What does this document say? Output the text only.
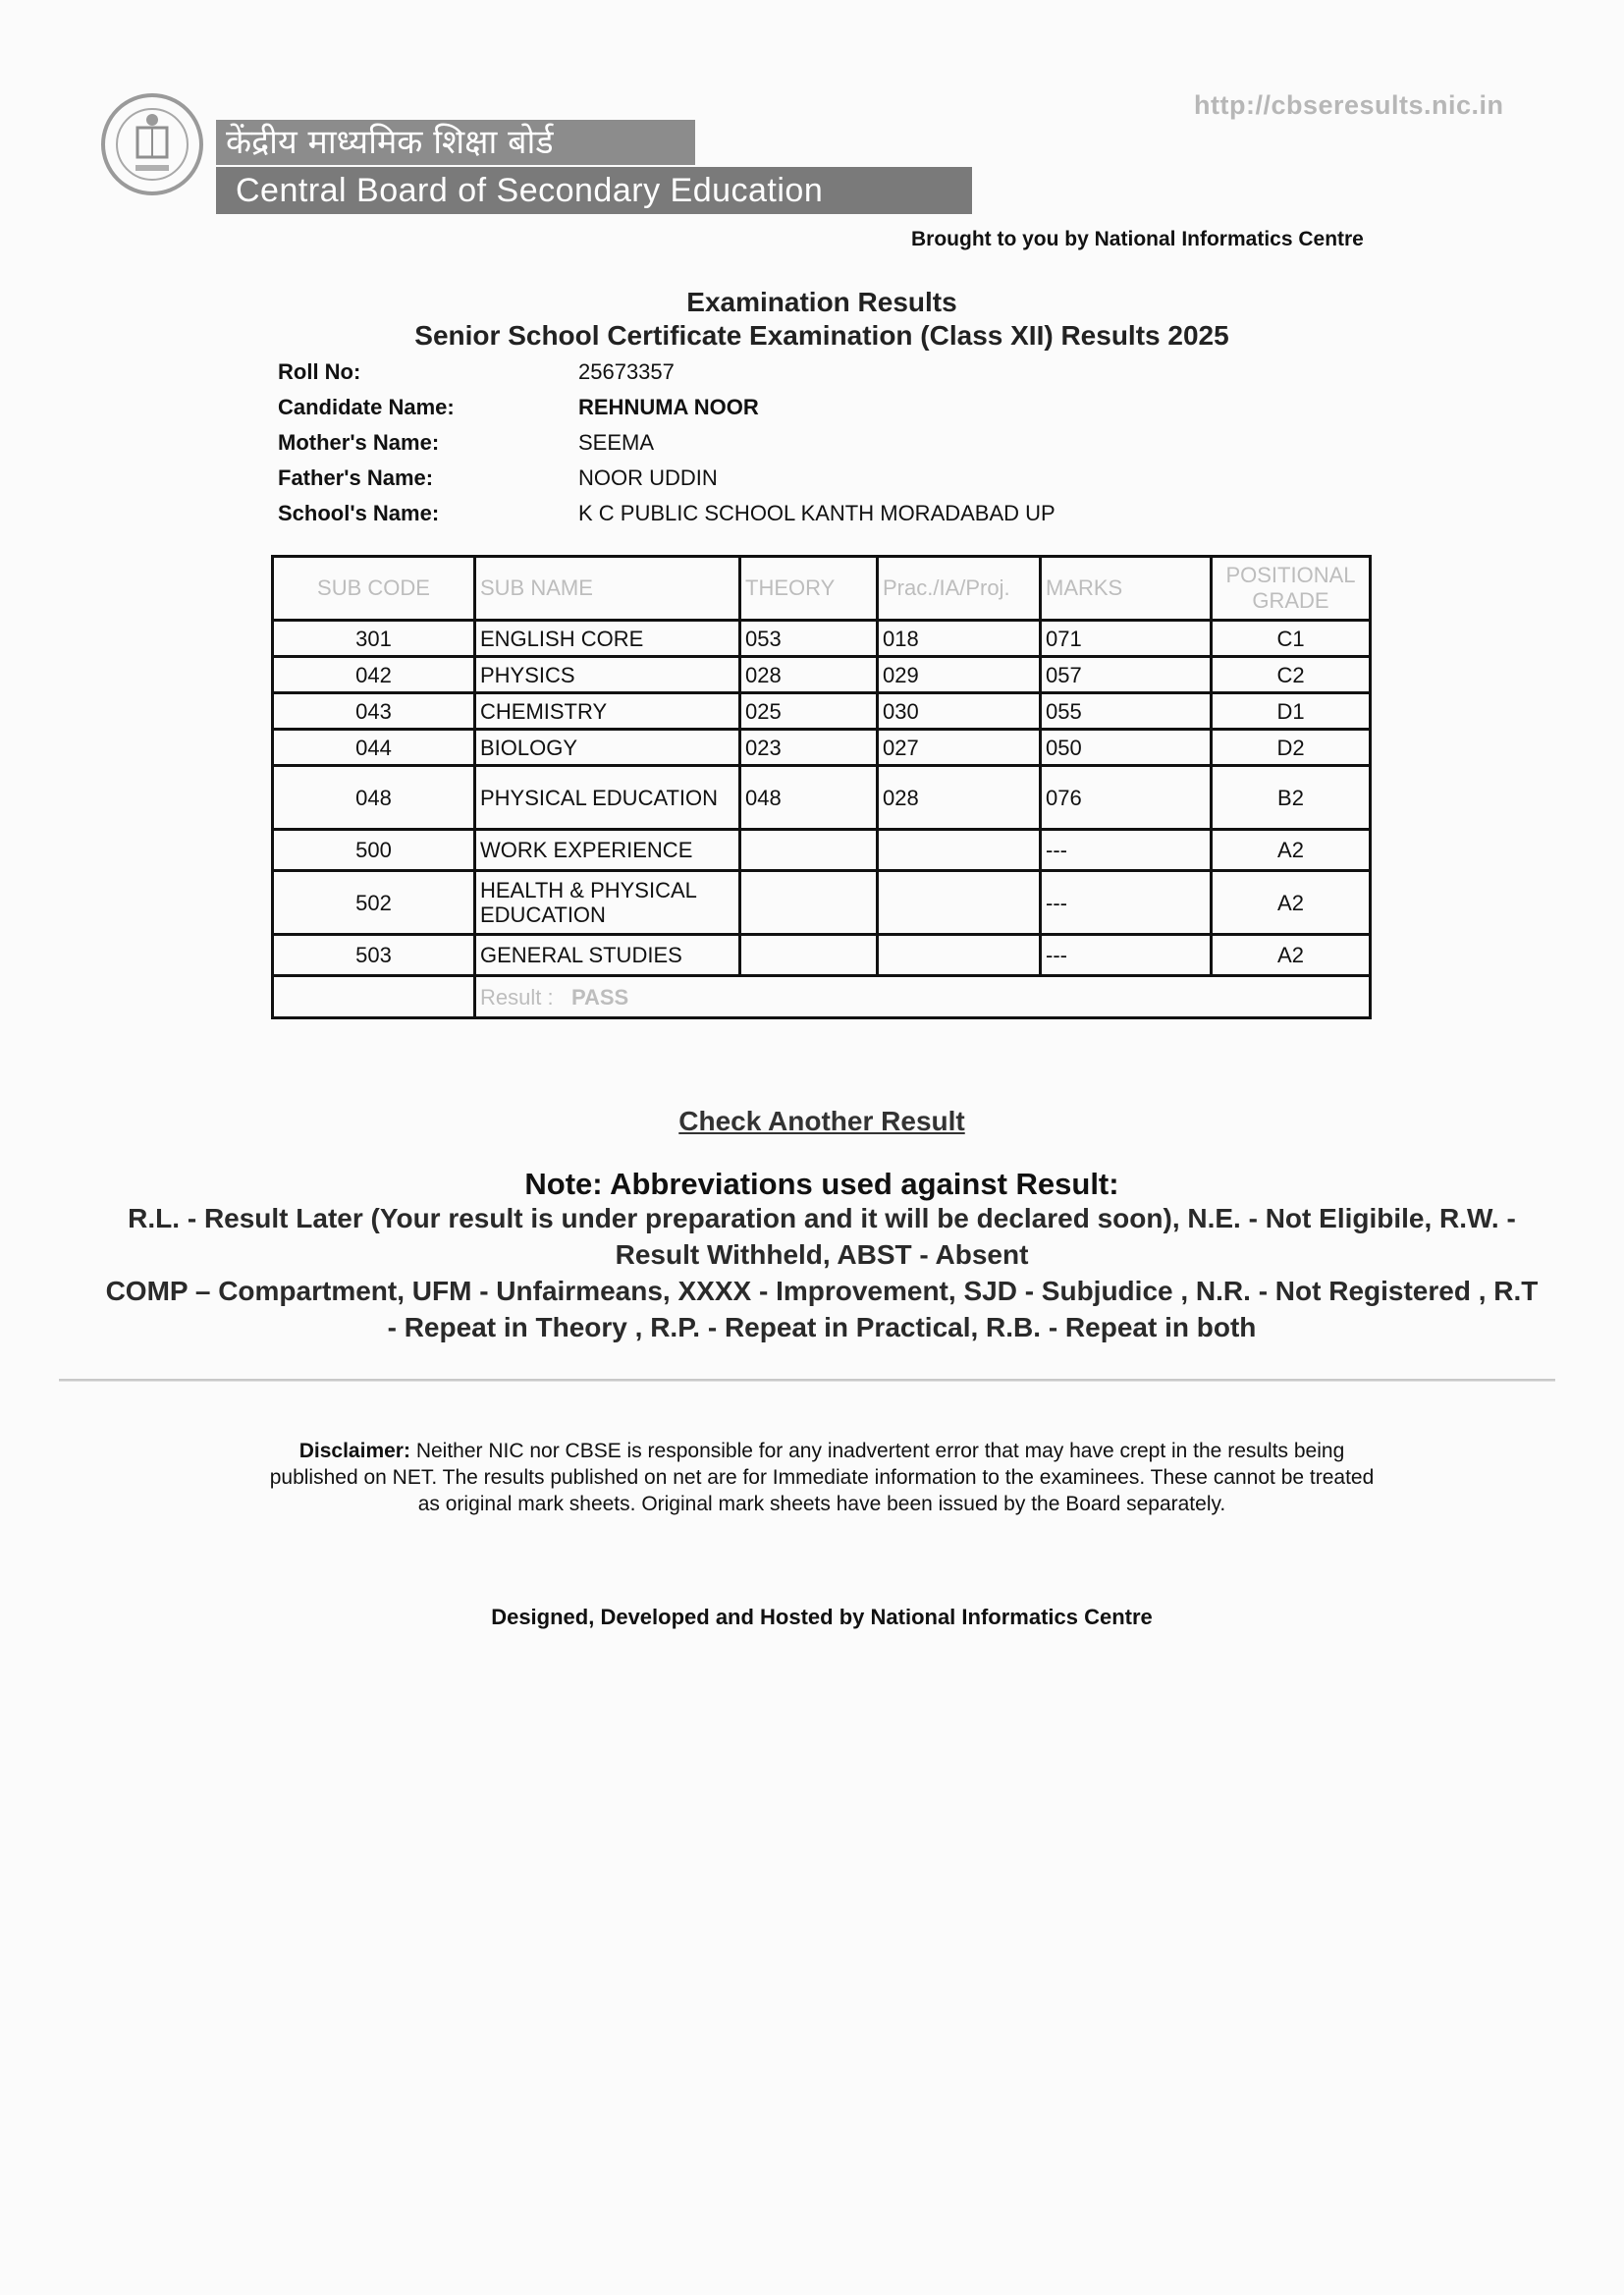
केंद्रीय माध्यमिक शिक्षा बोर्ड
Central Board of Secondary Education
http://cbseresults.nic.in
Brought to you by National Informatics Centre
Examination Results
Senior School Certificate Examination (Class XII) Results 2025
Roll No:	25673357
Candidate Name:	REHNUMA NOOR
Mother's Name:	SEEMA
Father's Name:	NOOR UDDIN
School's Name:	K C PUBLIC SCHOOL KANTH MORADABAD UP
SUB CODE	SUB NAME	THEORY	Prac./IA/Proj.	MARKS	POSITIONAL GRADE
301	ENGLISH CORE	053	018	071	C1
042	PHYSICS	028	029	057	C2
043	CHEMISTRY	025	030	055	D1
044	BIOLOGY	023	027	050	D2
048	PHYSICAL EDUCATION	048	028	076	B2
500	WORK EXPERIENCE			---	A2
502	HEALTH & PHYSICAL EDUCATION			---	A2
503	GENERAL STUDIES			---	A2
	Result : PASS				
Check Another Result
Note: Abbreviations used against Result:
R.L. - Result Later (Your result is under preparation and it will be declared soon), N.E. - Not Eligibile, R.W. - Result Withheld, ABST - Absent
COMP – Compartment, UFM - Unfairmeans, XXXX - Improvement, SJD - Subjudice , N.R. - Not Registered , R.T - Repeat in Theory , R.P. - Repeat in Practical, R.B. - Repeat in both
Disclaimer: Neither NIC nor CBSE is responsible for any inadvertent error that may have crept in the results being published on NET. The results published on net are for Immediate information to the examinees. These cannot be treated as original mark sheets. Original mark sheets have been issued by the Board separately.
Designed, Developed and Hosted by National Informatics Centre
